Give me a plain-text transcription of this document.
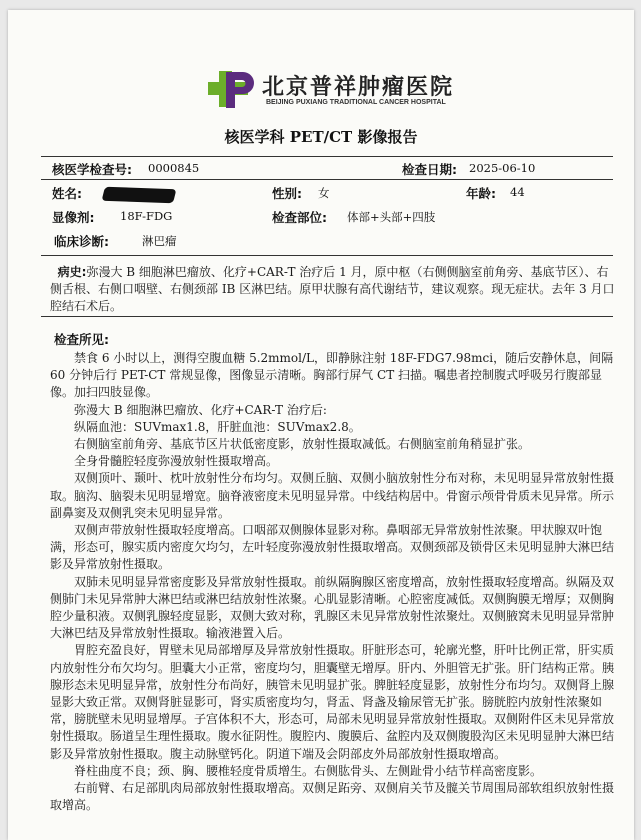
北京普祥肿瘤医院
BEIJING PUXIANG TRADITIONAL CANCER HOSPITAL
核医学科 PET/CT 影像报告
核医学检查号: 0000845	检查日期: 2025-06-10
姓名:	性别: 女	年龄: 44
显像剂: 18F-FDG	检查部位: 体部+头部+四肢
临床诊断:	淋巴瘤
病史:弥漫大 B 细胞淋巴瘤放、化疗+CAR-T 治疗后 1 月，原中枢（右侧侧脑室前角旁、基底节区）、右侧舌根、右侧口咽壁、右侧颈部 IB 区淋巴结。原甲状腺有高代谢结节，建议观察。现无症状。去年 3 月口腔结石术后。
检查所见:

禁食 6 小时以上，测得空腹血糖 5.2mmol/L，即静脉注射 18F-FDG7.98mci，随后安静休息，间隔 60 分钟后行 PET-CT 常规显像，图像显示清晰。胸部行屏气 CT 扫描。嘱患者控制腹式呼吸另行腹部显像。加扫四肢显像。

弥漫大 B 细胞淋巴瘤放、化疗+CAR-T 治疗后:

纵隔血池：SUVmax1.8，肝脏血池：SUVmax2.8。

右侧脑室前角旁、基底节区片状低密度影，放射性摄取减低。右侧脑室前角稍显扩张。

全身骨髓腔轻度弥漫放射性摄取增高。

双侧顶叶、颞叶、枕叶放射性分布均匀。双侧丘脑、双侧小脑放射性分布对称，未见明显异常放射性摄取。脑沟、脑裂未见明显增宽。脑脊液密度未见明显异常。中线结构居中。骨窗示颅骨骨质未见异常。所示副鼻窦及双侧乳突未见明显异常。

双侧声带放射性摄取轻度增高。口咽部双侧腺体显影对称。鼻咽部无异常放射性浓聚。甲状腺双叶饱满，形态可，腺实质内密度欠均匀，左叶轻度弥漫放射性摄取增高。双侧颈部及锁骨区未见明显肿大淋巴结影及异常放射性摄取。

双肺未见明显异常密度影及异常放射性摄取。前纵隔胸腺区密度增高，放射性摄取轻度增高。纵隔及双侧肺门未见异常肿大淋巴结或淋巴结放射性浓聚。心肌显影清晰。心腔密度减低。双侧胸膜无增厚；双侧胸腔少量积液。双侧乳腺轻度显影，双侧大致对称，乳腺区未见异常放射性浓聚灶。双侧腋窝未见明显异常肿大淋巴结及异常放射性摄取。输液港置入后。

胃腔充盈良好，胃壁未见局部增厚及异常放射性摄取。肝脏形态可，轮廓光整，肝叶比例正常，肝实质内放射性分布欠均匀。胆囊大小正常，密度均匀，胆囊壁无增厚。肝内、外胆管无扩张。肝门结构正常。胰腺形态未见明显异常，放射性分布尚好，胰管未见明显扩张。脾脏轻度显影，放射性分布均匀。双侧肾上腺显影大致正常。双侧肾脏显影可，肾实质密度均匀，肾盂、肾盏及输尿管无扩张。膀胱腔内放射性浓聚如常，膀胱壁未见明显增厚。子宫体积不大，形态可，局部未见明显异常放射性摄取。双侧附件区未见异常放射性摄取。肠道呈生理性摄取。腹水征阴性。腹腔内、腹膜后、盆腔内及双侧腹股沟区未见明显肿大淋巴结影及异常放射性摄取。腹主动脉壁钙化。阴道下端及会阴部皮外局部放射性摄取增高。

脊柱曲度不良；颈、胸、腰椎轻度骨质增生。右侧肱骨头、左侧趾骨小结节样高密度影。

右前臂、右足部肌肉局部放射性摄取增高。双侧足跖旁、双侧肩关节及髋关节周围局部软组织放射性摄取增高。
